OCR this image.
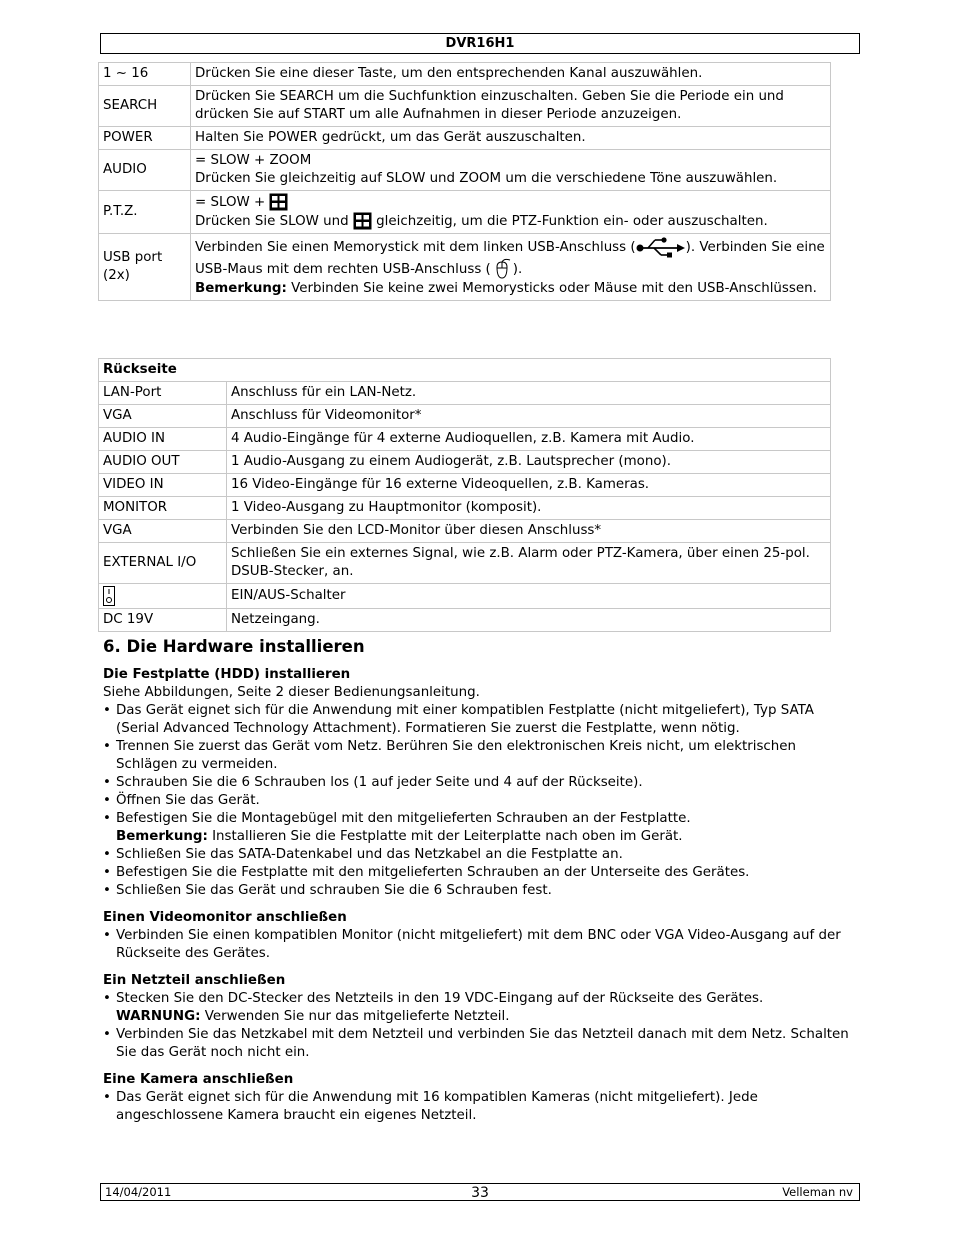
DVR16H1
1 ~ 16	Drücken Sie eine dieser Taste, um den entsprechenden Kanal auszuwählen.
SEARCH	Drücken Sie SEARCH um die Suchfunktion einzuschalten. Geben Sie die Periode ein und drücken Sie auf START um alle Aufnahmen in dieser Periode anzuzeigen.
POWER	Halten Sie POWER gedrückt, um das Gerät auszuschalten.
AUDIO	= SLOW + ZOOM
Drücken Sie gleichzeitig auf SLOW und ZOOM um die verschiedene Töne auszuwählen.

P.T.Z.	= SLOW +
Drücken Sie SLOW und gleichzeitig, um die PTZ-Funktion ein- oder auszuschalten.

USB port (2x)	Verbinden Sie einen Memorystick mit dem linken USB-Anschluss ( ). Verbinden Sie eine USB-Maus mit dem rechten USB-Anschluss ( ).
Bemerkung: Verbinden Sie keine zwei Memorysticks oder Mäuse mit den USB-Anschlüssen.
Rückseite	
LAN-Port	Anschluss für ein LAN-Netz.
VGA	Anschluss für Videomonitor*
AUDIO IN	4 Audio-Eingänge für 4 externe Audioquellen, z.B. Kamera mit Audio.
AUDIO OUT	1 Audio-Ausgang zu einem Audiogerät, z.B. Lautsprecher (mono).
VIDEO IN	16 Video-Eingänge für 16 externe Videoquellen, z.B. Kameras.
MONITOR	1 Video-Ausgang zu Hauptmonitor (komposit).
VGA	Verbinden Sie den LCD-Monitor über diesen Anschluss*
EXTERNAL I/O	Schließen Sie ein externes Signal, wie z.B. Alarm oder PTZ-Kamera, über einen 25-pol. DSUB-Stecker, an.
	EIN/AUS-Schalter
DC 19V	Netzeingang.
6. Die Hardware installieren
Die Festplatte (HDD) installieren

Siehe Abbildungen, Seite 2 dieser Bedienungsanleitung.

• Das Gerät eignet sich für die Anwendung mit einer kompatiblen Festplatte (nicht mitgeliefert), Typ SATA (Serial Advanced Technology Attachment). Formatieren Sie zuerst die Festplatte, wenn nötig.
• Trennen Sie zuerst das Gerät vom Netz. Berühren Sie den elektronischen Kreis nicht, um elektrischen Schlägen zu vermeiden.
• Schrauben Sie die 6 Schrauben los (1 auf jeder Seite und 4 auf der Rückseite).
• Öffnen Sie das Gerät.
• Befestigen Sie die Montagebügel mit den mitgelieferten Schrauben an der Festplatte.
Bemerkung: Installieren Sie die Festplatte mit der Leiterplatte nach oben im Gerät.
• Schließen Sie das SATA-Datenkabel und das Netzkabel an die Festplatte an.
• Befestigen Sie die Festplatte mit den mitgelieferten Schrauben an der Unterseite des Gerätes.
• Schließen Sie das Gerät und schrauben Sie die 6 Schrauben fest.
Einen Videomonitor anschließen
• Verbinden Sie einen kompatiblen Monitor (nicht mitgeliefert) mit dem BNC oder VGA Video-Ausgang auf der Rückseite des Gerätes.
Ein Netzteil anschließen
• Stecken Sie den DC-Stecker des Netzteils in den 19 VDC-Eingang auf der Rückseite des Gerätes.
WARNUNG: Verwenden Sie nur das mitgelieferte Netzteil.
• Verbinden Sie das Netzkabel mit dem Netzteil und verbinden Sie das Netzteil danach mit dem Netz. Schalten Sie das Gerät noch nicht ein.
Eine Kamera anschließen
• Das Gerät eignet sich für die Anwendung mit 16 kompatiblen Kameras (nicht mitgeliefert). Jede angeschlossene Kamera braucht ein eigenes Netzteil.
14/04/2011	33	Velleman nv
